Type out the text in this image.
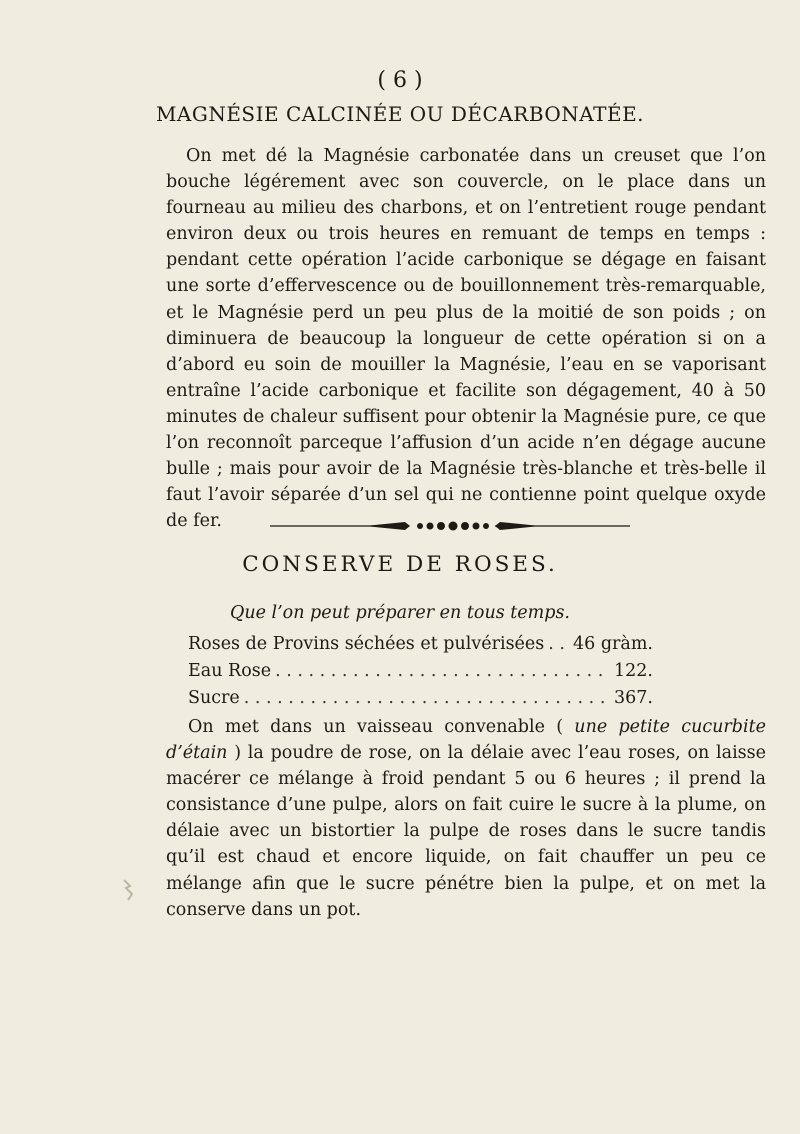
( 6 )
MAGNÉSIE CALCINÉE OU DÉCARBONATÉE.
On met dé la Magnésie carbonatée dans un creuset que l’on bouche légérement avec son couvercle, on le place dans un fourneau au milieu des charbons, et on l’entretient rouge pendant environ deux ou trois heures en remuant de temps en temps : pendant cette opération l’acide carbonique se dégage en faisant une sorte d’effervescence ou de bouillonnement très-remarquable, et le Magnésie perd un peu plus de la moitié de son poids ; on diminuera de beaucoup la longueur de cette opération si on a d’abord eu soin de mouiller la Magnésie, l’eau en se vaporisant entraîne l’acide carbonique et facilite son dégagement, 40 à 50 minutes de chaleur suffisent pour obtenir la Magnésie pure, ce que l’on reconnoît parceque l’affusion d’un acide n’en dégage aucune bulle ; mais pour avoir de la Magnésie très-blanche et très-belle il faut l’avoir séparée d’un sel qui ne contienne point quelque oxyde de fer.
CONSERVE DE ROSES.
Que l’on peut préparer en tous temps.
Roses de Provins séchées et pulvérisées . . . 46 gràm.
Eau Rose . . .	122.
Sucre . . .	367.
On met dans un vaisseau convenable ( une petite cucurbite d’étain ) la poudre de rose, on la délaie avec l’eau roses, on laisse macérer ce mélange à froid pendant 5 ou 6 heures ; il prend la consistance d’une pulpe, alors on fait cuire le sucre à la plume, on délaie avec un bistortier la pulpe de roses dans le sucre tandis qu’il est chaud et encore liquide, on fait chauffer un peu ce mélange afin que le sucre pénétre bien la pulpe, et on met la conserve dans un pot.
